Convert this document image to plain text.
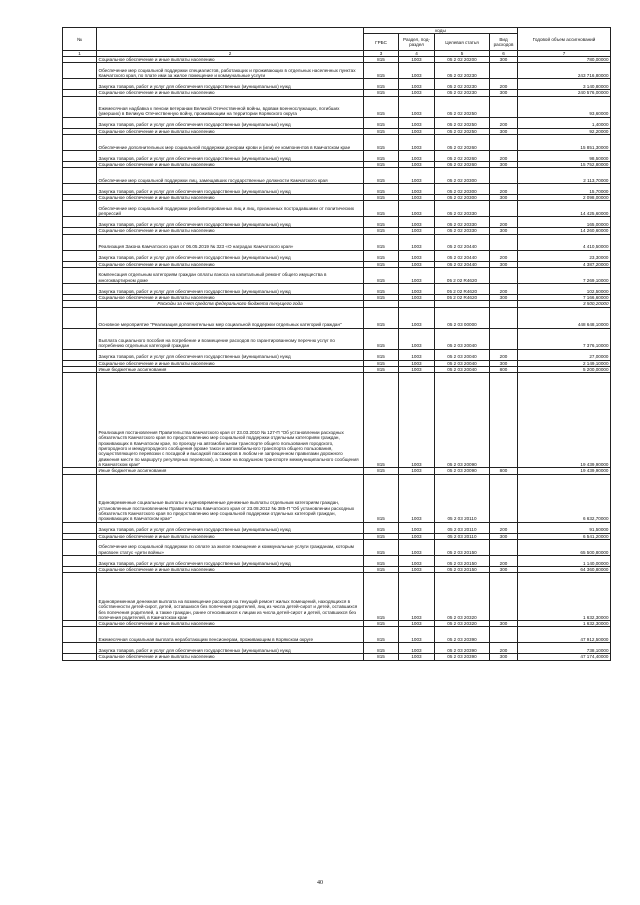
№		коды				Годовой объем ассигнований
		ГРБС	Раздел, под-раздел	Целевая статья	Вид расходов	
1	2	3	4	5	6	7
	Социальное обеспечение и иные выплаты населению	815	1003	05 2 02 20200	300	780,00000
	Обеспечение мер социальной поддержки специалистов, работающих и проживающих в отдельных населенных пунктах Камчатского края, по плате ими за жилое помещение и коммунальные услуги	815	1003	05 2 02 20230		243 716,80000
	Закупка товаров, работ и услуг для обеспечения государственных (муниципальных) нужд	815	1003	05 2 02 20230	200	3 140,80000
	Социальное обеспечение и иные выплаты населению	815	1003	05 2 02 20230	300	240 576,00000
	Ежемесячная надбавка к пенсии ветеранам Великой Отечественной войны, вдовам военнослужащих, погибших (умерших) в Великую Отечественную войну, проживающим на территории Корякского округа	815	1003	05 2 02 20250		93,60000
	Закупка товаров, работ и услуг для обеспечения государственных (муниципальных) нужд	815	1003	05 2 02 20250	200	1,40000
	Социальное обеспечение и иные выплаты населению	815	1003	05 2 02 20250	300	92,20000
	Обеспечение дополнительных мер социальной поддержки донорам крови и (или) ее компонентов в Камчатском крае	815	1003	05 2 02 20260		15 851,30000
	Закупка товаров, работ и услуг для обеспечения государственных (муниципальных) нужд	815	1003	05 2 02 20260	200	98,50000
	Социальное обеспечение и иные выплаты населению	815	1003	05 2 02 20260	300	15 752,80000
	Обеспечение мер социальной поддержки лиц, замещавших государственные должности Камчатского края	815	1003	05 2 02 20300		2 113,70000
	Закупка товаров, работ и услуг для обеспечения государственных (муниципальных) нужд	815	1003	05 2 02 20300	200	15,70000
	Социальное обеспечение и иные выплаты населению	815	1003	05 2 02 20300	300	2 098,00000
	Обеспечение мер социальной поддержки реабилитированных лиц и лиц, признанных пострадавшими от политических репрессий	815	1003	05 2 02 20330		14 425,60000
	Закупка товаров, работ и услуг для обеспечения государственных (муниципальных) нужд	815	1003	05 2 02 20330	200	165,00000
	Социальное обеспечение и иные выплаты населению	815	1003	05 2 02 20330	300	14 260,60000
	Реализация Закона Камчатского края от 06.05.2019 № 323 «О наградах Камчатского края»	815	1003	05 2 02 20440		4 410,50000
	Закупка товаров, работ и услуг для обеспечения государственных (муниципальных) нужд	815	1003	05 2 02 20440	200	23,30000
	Социальное обеспечение и иные выплаты населению	815	1003	05 2 02 20440	300	4 387,20000
	Компенсация отдельным категориям граждан оплаты взноса на капитальный ремонт общего имущества в многоквартирном доме	815	1003	05 2 02 R4620		7 269,10000
	Закупка товаров, работ и услуг для обеспечения государственных (муниципальных) нужд	815	1003	05 2 02 R4620	200	102,50000
	Социальное обеспечение и иные выплаты населению	815	1003	05 2 02 R4620	300	7 166,60000
	Расходы за счет средств федерального бюджета текущего года					3 500,20000
	Основное мероприятие "Реализация дополнительных мер социальной поддержки отдельных категорий граждан"	815	1003	05 2 03 00000		448 648,10000
	Выплата социального пособия на погребение и возмещение расходов по гарантированному перечню услуг по погребению отдельных категорий граждан	815	1003	05 2 03 20040		7 376,10000
	Закупка товаров, работ и услуг для обеспечения государственных (муниципальных) нужд	815	1003	05 2 03 20040	200	27,00000
	Социальное обеспечение и иные выплаты населению	815	1003	05 2 03 20040	300	2 149,10000
	Иные бюджетные ассигнования	815	1003	05 2 03 20040	800	5 200,00000
	Реализация постановления Правительства Камчатского края от 23.03.2010 № 127-П "Об установлении расходных обязательств Камчатского края по предоставлению мер социальной поддержки отдельным категориям граждан, проживающих в Камчатском крае, по проезду на автомобильном транспорте общего пользования городского, пригородного и междугородного сообщения (кроме такси и автомобильного транспорта общего пользования, осуществляющего перевозки с посадкой и высадкой пассажиров в любом не запрещенном правилами дорожного движения месте по маршруту регулярных перевозок), а также на воздушном транспорте межмуниципального сообщения в Камчатском крае"	815	1003	05 2 03 20090		19 439,90000
	Иные бюджетные ассигнования	815	1003	05 2 03 20090	800	19 439,90000
	Единовременные социальные выплаты и единовременные денежные выплаты отдельным категориям граждан, установленные постановлением Правительства Камчатского края от 23.08.2012 № 385-П "Об установлении расходных обязательств Камчатского края по предоставлению мер социальной поддержки отдельных категорий граждан, проживающих в Камчатском крае"	815	1003	05 2 03 20110		6 632,70000
	Закупка товаров, работ и услуг для обеспечения государственных (муниципальных) нужд	815	1003	05 2 03 20110	200	91,50000
	Социальное обеспечение и иные выплаты населению	815	1003	05 2 03 20110	300	6 541,20000
	Обеспечение мер социальной поддержки по оплате за жилое помещение и коммунальные услуги гражданам, которым присвоен статус «дети войны»	815	1003	05 2 03 20150		65 500,80000
	Закупка товаров, работ и услуг для обеспечения государственных (муниципальных) нужд	815	1003	05 2 03 20150	200	1 140,00000
	Социальное обеспечение и иные выплаты населению	815	1003	05 2 03 20150	300	64 360,80000
	Единовременная денежная выплата на возмещение расходов на текущий ремонт жилых помещений, находящихся в собственности детей-сирот, детей, оставшихся без попечения родителей, лиц из числа детей-сирот и детей, оставшихся без попечения родителей, а также граждан, ранее относившихся к лицам из числа детей-сирот и детей, оставшихся без попечения родителей, в Камчатском крае	815	1003	05 2 03 20320		1 632,30000
	Социальное обеспечение и иные выплаты населению	815	1003	05 2 03 20320	300	1 632,30000
	Ежемесячная социальная выплата неработающим пенсионерам, проживающим в Корякском округе	815	1003	05 2 03 20390		47 912,50000
	Закупка товаров, работ и услуг для обеспечения государственных (муниципальных) нужд	815	1003	05 2 03 20390	200	738,10000
	Социальное обеспечение и иные выплаты населению	815	1003	05 2 03 20390	300	47 174,40000
40
